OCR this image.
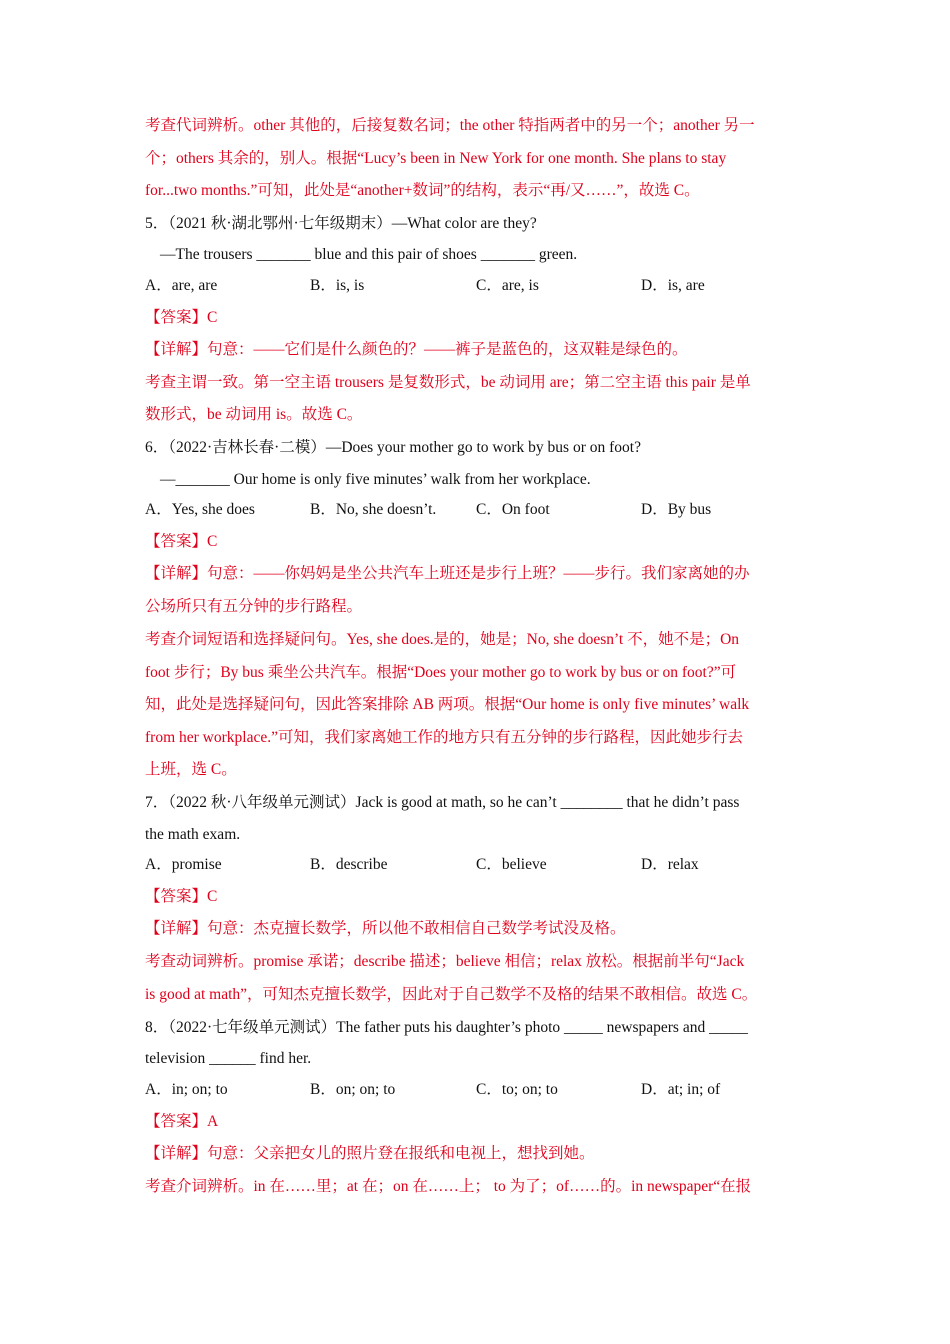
考查代词辨析。other 其他的，后接复数名词；the other 特指两者中的另一个；another 另一
个；others 其余的，别人。根据“Lucy’s been in New York for one month. She plans to stay
for...two months.”可知，此处是“another+数词”的结构，表示“再/又……”，故选 C。
5．（2021 秋·湖北鄂州·七年级期末）—What color are they?
—The trousers _______ blue and this pair of shoes _______ green.
A．are, are	B．is, is	C．are, is	D．is, are
【答案】C
【详解】句意：——它们是什么颜色的？——裤子是蓝色的，这双鞋是绿色的。
考查主谓一致。第一空主语 trousers 是复数形式，be 动词用 are；第二空主语 this pair 是单
数形式，be 动词用 is。故选 C。
6．（2022·吉林长春·二模）—Does your mother go to work by bus or on foot?
—_______ Our home is only five minutes’ walk from her workplace.
A．Yes, she does	B．No, she doesn’t.	C．On foot	D．By bus
【答案】C
【详解】句意：——你妈妈是坐公共汽车上班还是步行上班？——步行。我们家离她的办
公场所只有五分钟的步行路程。
考查介词短语和选择疑问句。Yes, she does.是的，她是；No, she doesn’t 不，她不是；On
foot 步行；By bus 乘坐公共汽车。根据“Does your mother go to work by bus or on foot?”可
知，此处是选择疑问句，因此答案排除 AB 两项。根据“Our home is only five minutes’ walk
from her workplace.”可知，我们家离她工作的地方只有五分钟的步行路程，因此她步行去
上班，选 C。
7．（2022 秋·八年级单元测试）Jack is good at math, so he can’t ________ that he didn’t pass
the math exam.
A．promise	B．describe	C．believe	D．relax
【答案】C
【详解】句意：杰克擅长数学，所以他不敢相信自己数学考试没及格。
考查动词辨析。promise 承诺；describe 描述；believe 相信；relax 放松。根据前半句“Jack
is good at math”，可知杰克擅长数学，因此对于自己数学不及格的结果不敢相信。故选 C。
8．（2022·七年级单元测试）The father puts his daughter’s photo _____ newspapers and _____
television ______ find her.
A．in; on; to	B．on; on; to	C．to; on; to	D．at; in; of
【答案】A
【详解】句意：父亲把女儿的照片登在报纸和电视上，想找到她。
考查介词辨析。in 在……里；at 在；on 在……上； to 为了；of……的。in newspaper“在报
